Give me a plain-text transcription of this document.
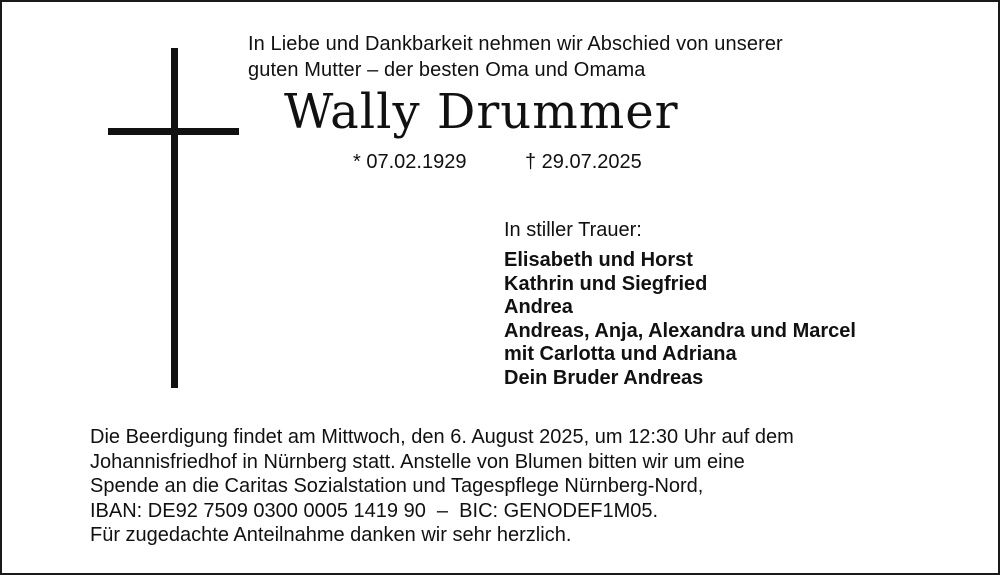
In Liebe und Dankbarkeit nehmen wir Abschied von unserer
guten Mutter – der besten Oma und Omama
Wally Drummer
* 07.02.1929	† 29.07.2025
In stiller Trauer:
Elisabeth und Horst
Kathrin und Siegfried
Andrea
Andreas, Anja, Alexandra und Marcel
mit Carlotta und Adriana
Dein Bruder Andreas
Die Beerdigung findet am Mittwoch, den 6. August 2025, um 12:30 Uhr auf dem
Johannisfriedhof in Nürnberg statt. Anstelle von Blumen bitten wir um eine
Spende an die Caritas Sozialstation und Tagespflege Nürnberg-Nord,
IBAN: DE92 7509 0300 0005 1419 90  –  BIC: GENODEF1M05.
Für zugedachte Anteilnahme danken wir sehr herzlich.
